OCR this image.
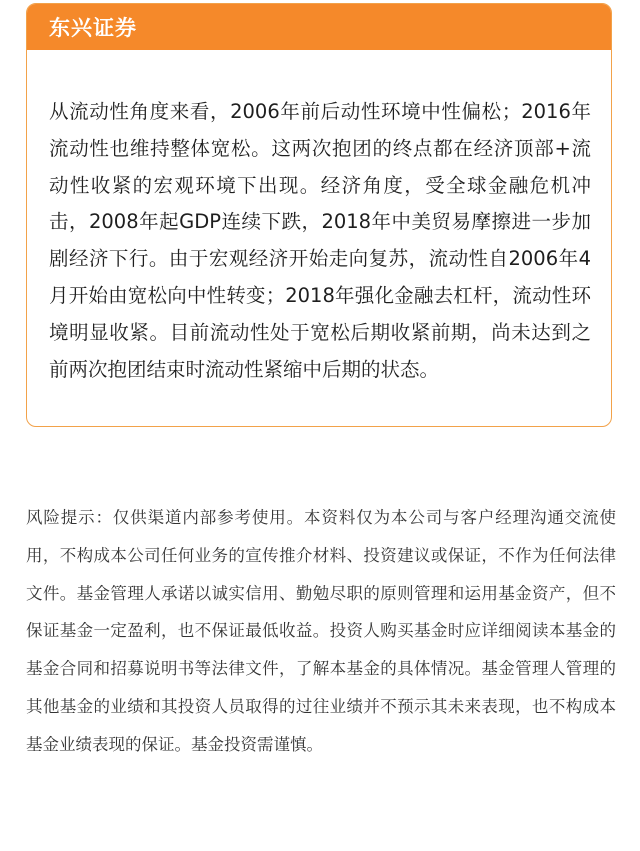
东兴证券
从流动性角度来看，2006年前后动性环境中性偏松；2016年流动性也维持整体宽松。这两次抱团的终点都在经济顶部+流动性收紧的宏观环境下出现。经济角度，受全球金融危机冲击，2008年起GDP连续下跌，2018年中美贸易摩擦进一步加剧经济下行。由于宏观经济开始走向复苏，流动性自2006年4月开始由宽松向中性转变；2018年强化金融去杠杆，流动性环境明显收紧。目前流动性处于宽松后期收紧前期，尚未达到之前两次抱团结束时流动性紧缩中后期的状态。
风险提示：仅供渠道内部参考使用。本资料仅为本公司与客户经理沟通交流使用，不构成本公司任何业务的宣传推介材料、投资建议或保证，不作为任何法律文件。基金管理人承诺以诚实信用、勤勉尽职的原则管理和运用基金资产，但不保证基金一定盈利，也不保证最低收益。投资人购买基金时应详细阅读本基金的基金合同和招募说明书等法律文件，了解本基金的具体情况。基金管理人管理的其他基金的业绩和其投资人员取得的过往业绩并不预示其未来表现，也不构成本基金业绩表现的保证。基金投资需谨慎。
